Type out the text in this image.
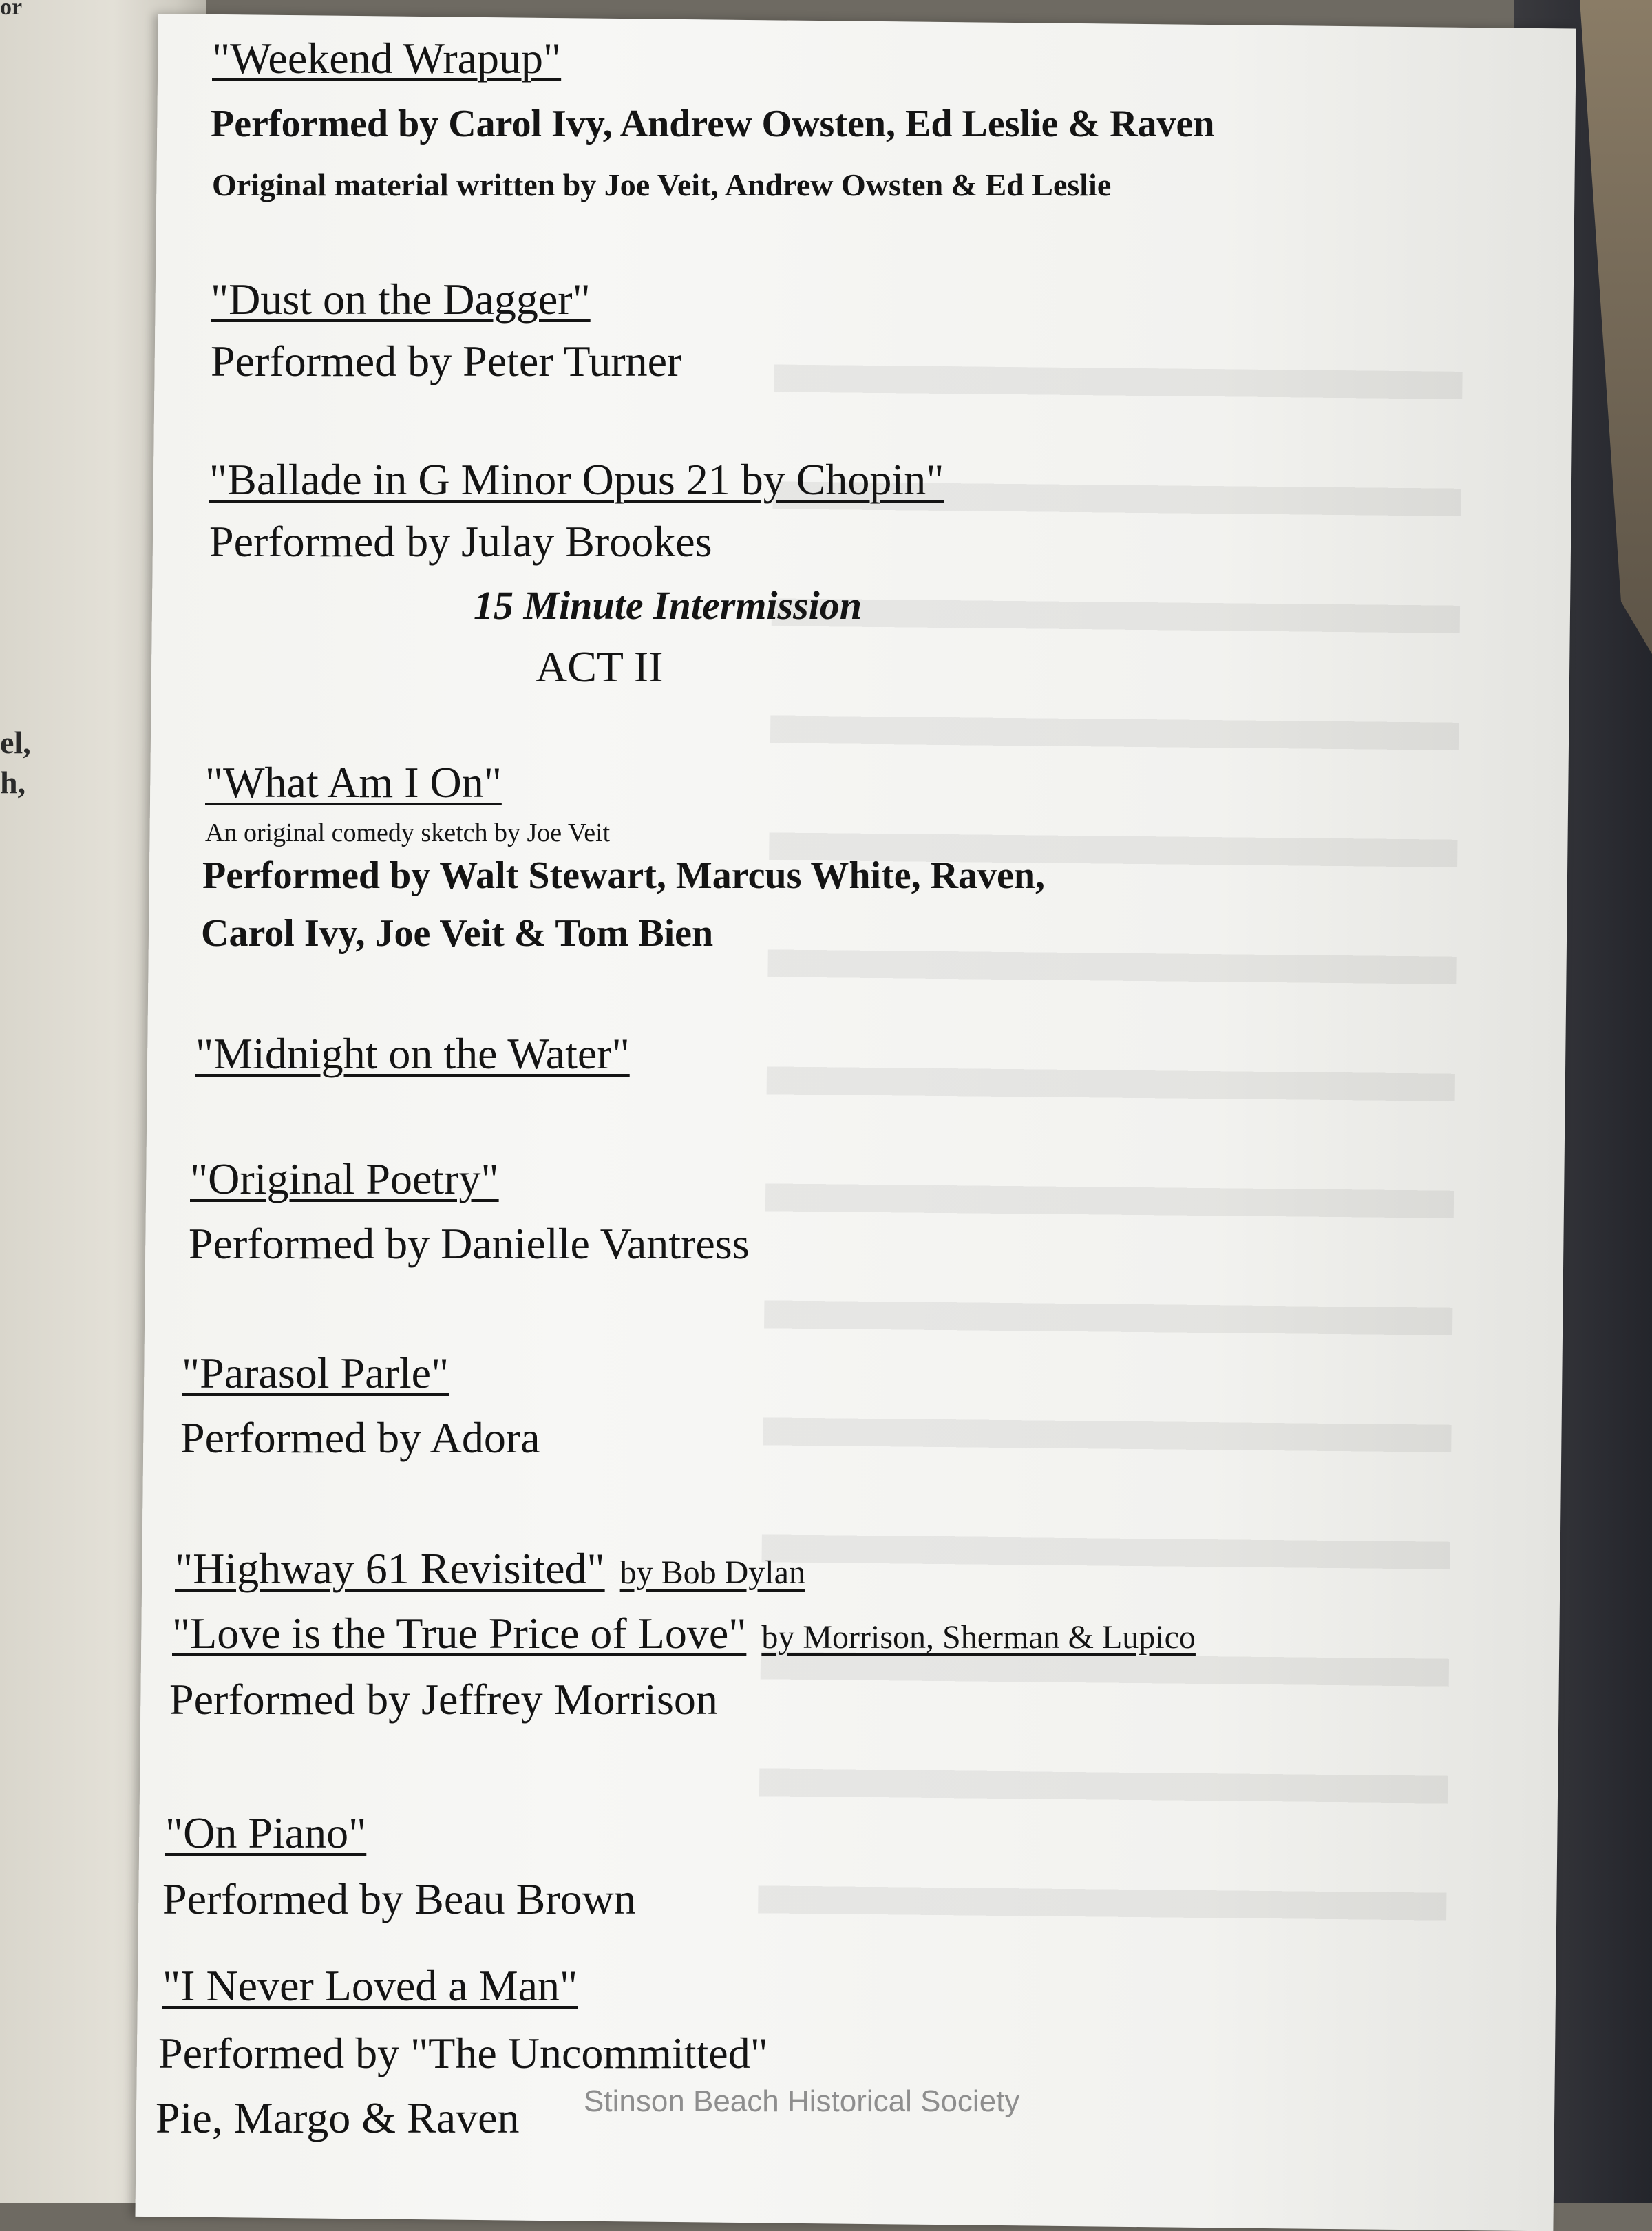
or
el,
h,
"Weekend Wrapup"
Performed by Carol Ivy, Andrew Owsten, Ed Leslie & Raven
Original material written by Joe Veit, Andrew Owsten & Ed Leslie
"Dust on the Dagger"
Performed by Peter Turner
"Ballade in G Minor Opus 21 by Chopin"
Performed by Julay Brookes
15 Minute Intermission
ACT II
"What Am I On"
An original comedy sketch by Joe Veit
Performed by Walt Stewart, Marcus White, Raven,
Carol Ivy, Joe Veit & Tom Bien
"Midnight on the Water"
"Original Poetry"
Performed by Danielle Vantress
"Parasol Parle"
Performed by Adora
"Highway 61 Revisited" by Bob Dylan
"Love is the True Price of Love" by Morrison, Sherman & Lupico
Performed by Jeffrey Morrison
"On Piano"
Performed by Beau Brown
"I Never Loved a Man"
Performed by "The Uncommitted"
Pie, Margo & Raven Stinson Beach Historical Society
